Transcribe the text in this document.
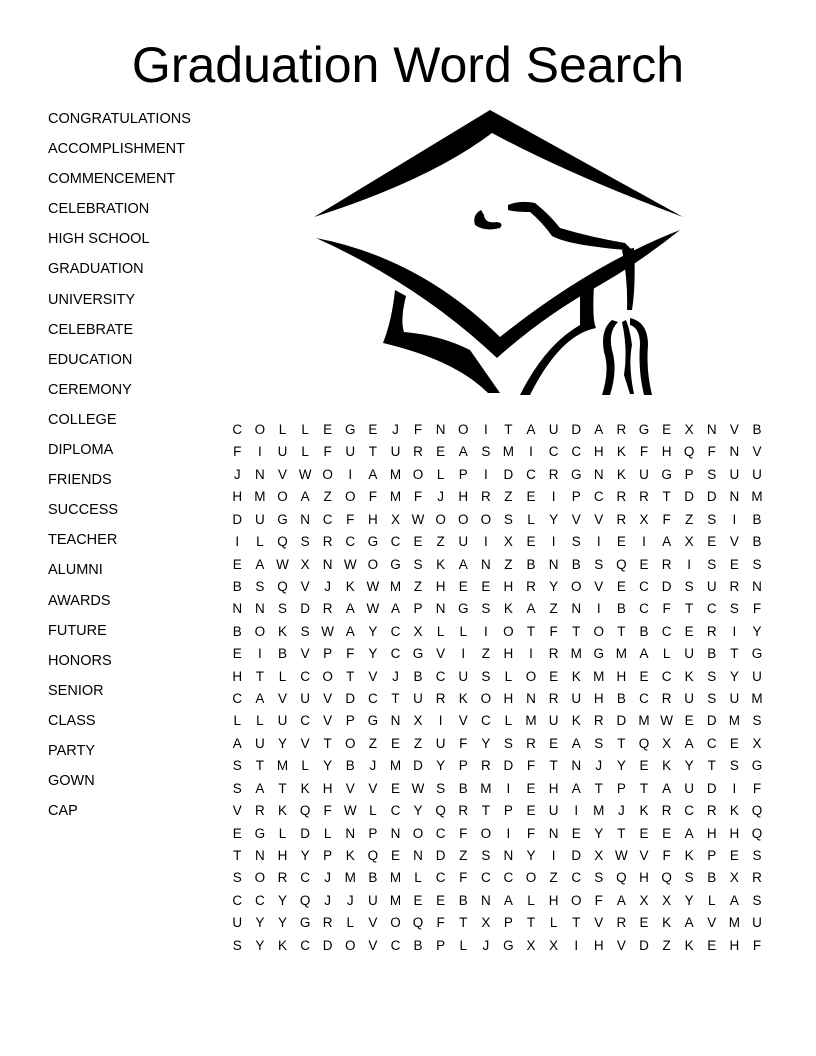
Graduation Word Search
CONGRATULATIONS
ACCOMPLISHMENT
COMMENCEMENT
CELEBRATION
HIGH SCHOOL
GRADUATION
UNIVERSITY
CELEBRATE
EDUCATION
CEREMONY
COLLEGE
DIPLOMA
FRIENDS
SUCCESS
TEACHER
ALUMNI
AWARDS
FUTURE
HONORS
SENIOR
CLASS
PARTY
GOWN
CAP
C O	L	L	E G E	J	F	N O	I	T	A U D A R G E	X N V	B
F	I	U	L	F	U	T	U R E	A	S M	I	C C H K	F	H Q F	N V
J	N V W O	I	A M O	L	P	I	D C R G N K U G P	S U U
H M O A	Z O F M F	J	H R	Z	E	I	P C R R	T	D D N M
D U G N C	F	H X W O O O S	L	Y	V	V R X	F	Z	S	I	B
I	L	Q S R C G C E	Z	U	I	X	E	I	S	I	E	I	A	X	E	V	B
E	A W X N W O G S	K	A N	Z	B N B	S Q E R	I	S	E	S
B	S Q V	J	K W M Z	H E	E H R Y O V	E C D S U R N
N N S D R A W A	P N G S	K	A	Z	N	I	B C	F	T	C S	F
B O K	S W A	Y C X	L	L	I	O T	F	T O T	B C E R	I	Y
E	I	B	V	P	F	Y C G V	I	Z	H	I	R M G M A	L	U B	T G
H	T	L	C O T	V	J	B C U S	L	O E	K M H E C K	S	Y U
C A	V U V D C	T	U R K O H N R U H B C R U S U M
L	L	U C V	P G N X	I	V C	L M U K R D M W E D M S
A U Y	V	T O Z	E	Z	U	F	Y	S R E	A	S	T Q X	A C E	X
S	T M L	Y	B	J	M D Y	P R D	F	T	N	J	Y	E	K	Y	T	S G
S	A	T	K H V	V	E W S	B M	I	E H A	T	P	T	A U D	I	F
V R K Q F W L	C Y Q R	T	P	E U	I	M	J	K R C R K Q
E G	L	D	L	N P N O C	F O	I	F	N E	Y	T	E	E	A H H Q
T	N H Y	P	K Q E N D	Z	S N Y	I	D X W V	F	K	P	E	S
S O R C	J	M B M L	C	F	C C O Z	C S Q H Q S	B	X R
C C Y Q	J	J	U M E	E	B N A	L	H O F	A	X	X	Y	L	A	S
U Y	Y G R	L	V O Q F	T	X	P	T	L	T	V R E	K	A	V M U
S	Y	K C D O V C B	P	L	J	G X	X	I	H V D	Z	K	E H	F
